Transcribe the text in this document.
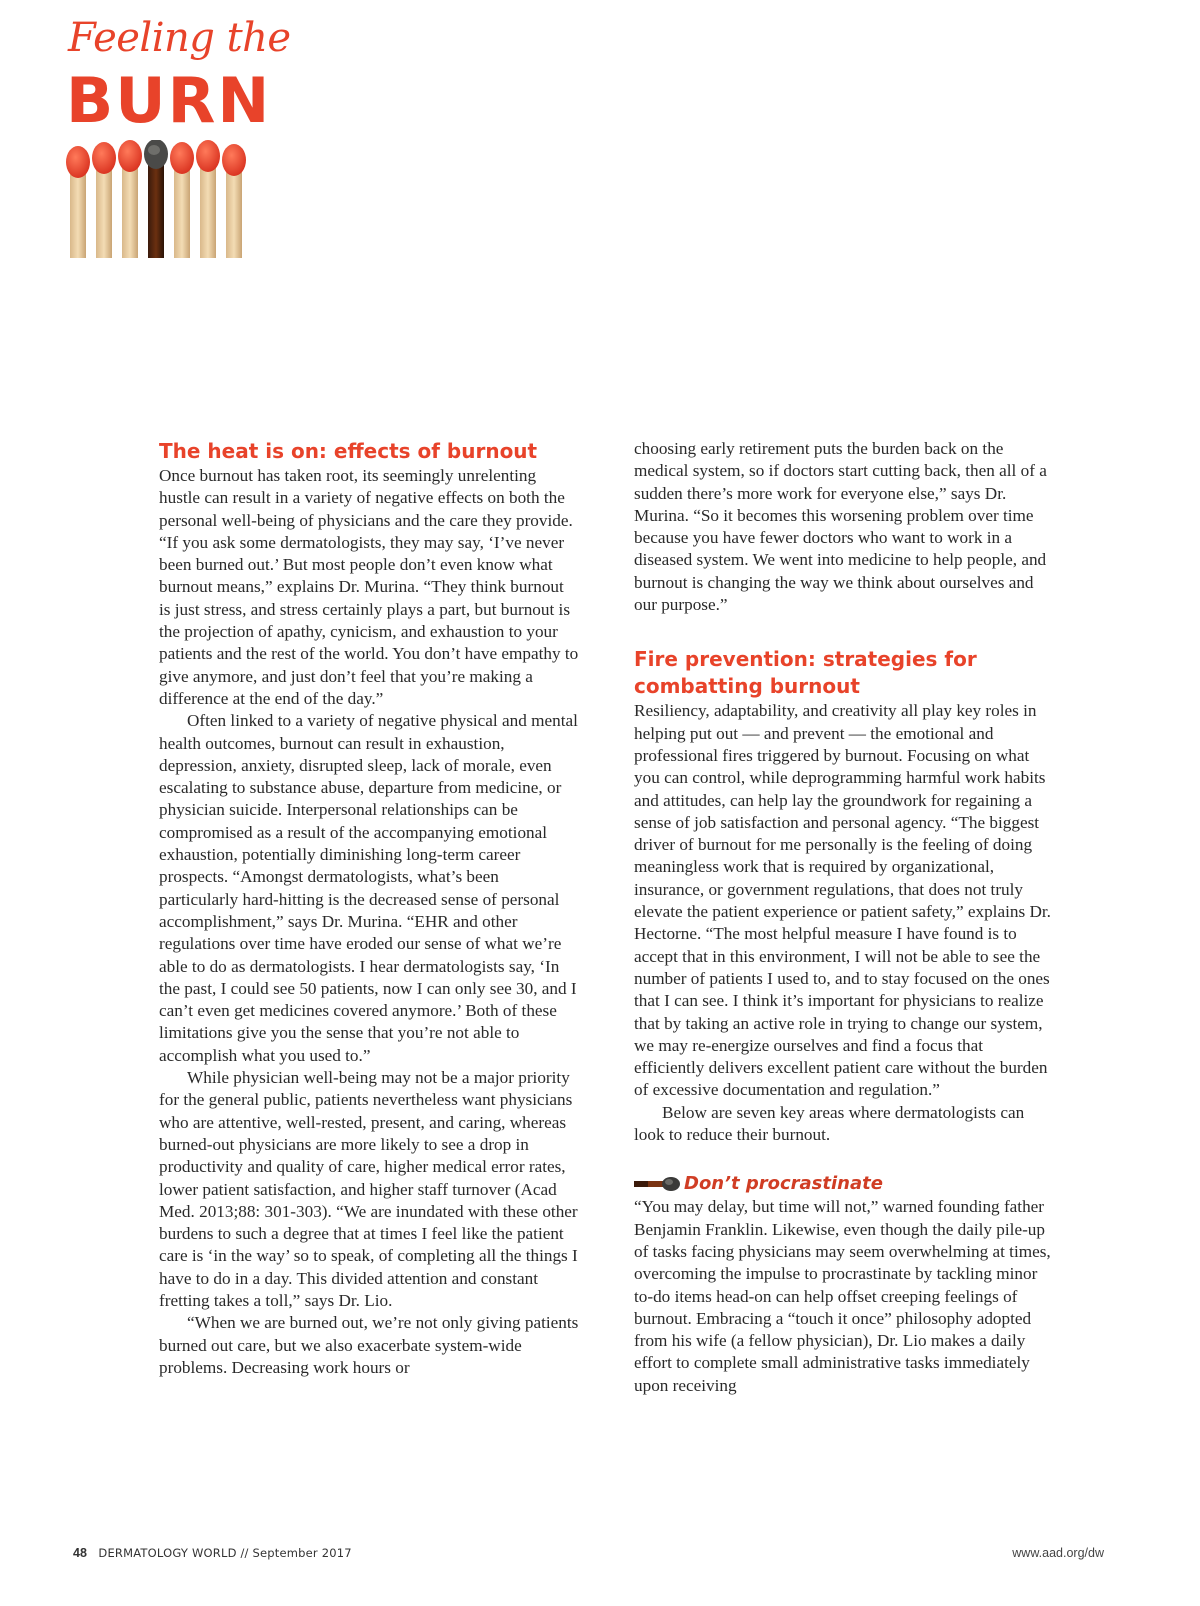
Feeling the
BURN
The heat is on: effects of burnout

Once burnout has taken root, its seemingly unrelenting hustle can result in a variety of negative effects on both the personal well-being of physicians and the care they provide. “If you ask some dermatologists, they may say, ‘I’ve never been burned out.’ But most people don’t even know what burnout means,” explains Dr. Murina. “They think burnout is just stress, and stress certainly plays a part, but burnout is the projection of apathy, cynicism, and exhaustion to your patients and the rest of the world. You don’t have empathy to give anymore, and just don’t feel that you’re making a difference at the end of the day.”

Often linked to a variety of negative physical and mental health outcomes, burnout can result in exhaustion, depression, anxiety, disrupted sleep, lack of morale, even escalating to substance abuse, departure from medicine, or physician suicide. Interpersonal relationships can be compromised as a result of the accompanying emotional exhaustion, potentially diminishing long-term career prospects. “Amongst dermatologists, what’s been particularly hard-hitting is the decreased sense of personal accomplishment,” says Dr. Murina. “EHR and other regulations over time have eroded our sense of what we’re able to do as dermatologists. I hear dermatologists say, ‘In the past, I could see 50 patients, now I can only see 30, and I can’t even get medicines covered anymore.’ Both of these limitations give you the sense that you’re not able to accomplish what you used to.”

While physician well-being may not be a major priority for the general public, patients nevertheless want physicians who are attentive, well-rested, present, and caring, whereas burned-out physicians are more likely to see a drop in productivity and quality of care, higher medical error rates, lower patient satisfaction, and higher staff turnover (Acad Med. 2013;88: 301-303). “We are inundated with these other burdens to such a degree that at times I feel like the patient care is ‘in the way’ so to speak, of completing all the things I have to do in a day. This divided attention and constant fretting takes a toll,” says Dr. Lio.

“When we are burned out, we’re not only giving patients burned out care, but we also exacerbate system-wide problems. Decreasing work hours or

choosing early retirement puts the burden back on the medical system, so if doctors start cutting back, then all of a sudden there’s more work for everyone else,” says Dr. Murina. “So it becomes this worsening problem over time because you have fewer doctors who want to work in a diseased system. We went into medicine to help people, and burnout is changing the way we think about ourselves and our purpose.”

Fire prevention: strategies for combatting burnout

Resiliency, adaptability, and creativity all play key roles in helping put out — and prevent — the emotional and professional fires triggered by burnout. Focusing on what you can control, while deprogramming harmful work habits and attitudes, can help lay the groundwork for regaining a sense of job satisfaction and personal agency. “The biggest driver of burnout for me personally is the feeling of doing meaningless work that is required by organizational, insurance, or government regulations, that does not truly elevate the patient experience or patient safety,” explains Dr. Hectorne. “The most helpful measure I have found is to accept that in this environment, I will not be able to see the number of patients I used to, and to stay focused on the ones that I can see. I think it’s important for physicians to realize that by taking an active role in trying to change our system, we may re-energize ourselves and find a focus that efficiently delivers excellent patient care without the burden of excessive documentation and regulation.”

Below are seven key areas where dermatologists can look to reduce their burnout.

Don’t procrastinate

“You may delay, but time will not,” warned founding father Benjamin Franklin. Likewise, even though the daily pile-up of tasks facing physicians may seem overwhelming at times, overcoming the impulse to procrastinate by tackling minor to-do items head-on can help offset creeping feelings of burnout. Embracing a “touch it once” philosophy adopted from his wife (a fellow physician), Dr. Lio makes a daily effort to complete small administrative tasks immediately upon receiving

48 DERMATOLOGY WORLD // September 2017	www.aad.org/dw
